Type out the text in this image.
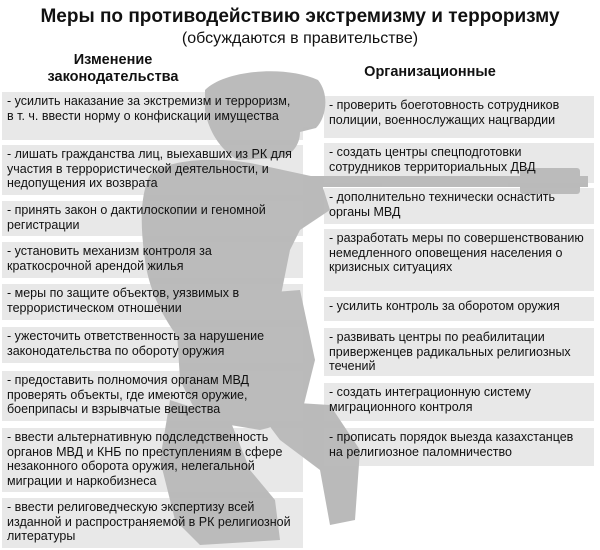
Меры по противодействию экстремизму и терроризму
(обсуждаются в правительстве)
Изменение законодательства	Организационные
- усилить наказание за экстремизм и терроризм, в т. ч. ввести норму о конфискации имущества
- лишать гражданства лиц, выехавших из РК для участия в террористической деятельности, и недопущения их возврата
- принять закон о дактилоскопии и геномной регистрации
- установить механизм контроля за краткосрочной арендой жилья
- меры по защите объектов, уязвимых в террористическом отношении
- ужесточить ответственность за нарушение законодательства по обороту оружия
- предоставить полномочия органам МВД проверять объекты, где имеются оружие, боеприпасы и взрывчатые вещества
- ввести альтернативную подследственность органов МВД и КНБ по преступлениям в сфере незаконного оборота оружия, нелегальной миграции и наркобизнеса
- ввести религоведческую экспертизу всей изданной и распространяемой в РК религиозной литературы
- проверить боеготовность сотрудников полиции, военнослужащих нацгвардии
- создать центры спецподготовки сотрудников территориальных ДВД
- дополнительно технически оснастить органы МВД
- разработать меры по совершенствованию немедленного оповещения населения о кризисных ситуациях
- усилить контроль за оборотом оружия
- развивать центры по реабилитации приверженцев радикальных религиозных течений
- создать интеграционную систему миграционного контроля
- прописать порядок выезда казахстанцев на религиозное паломничество
